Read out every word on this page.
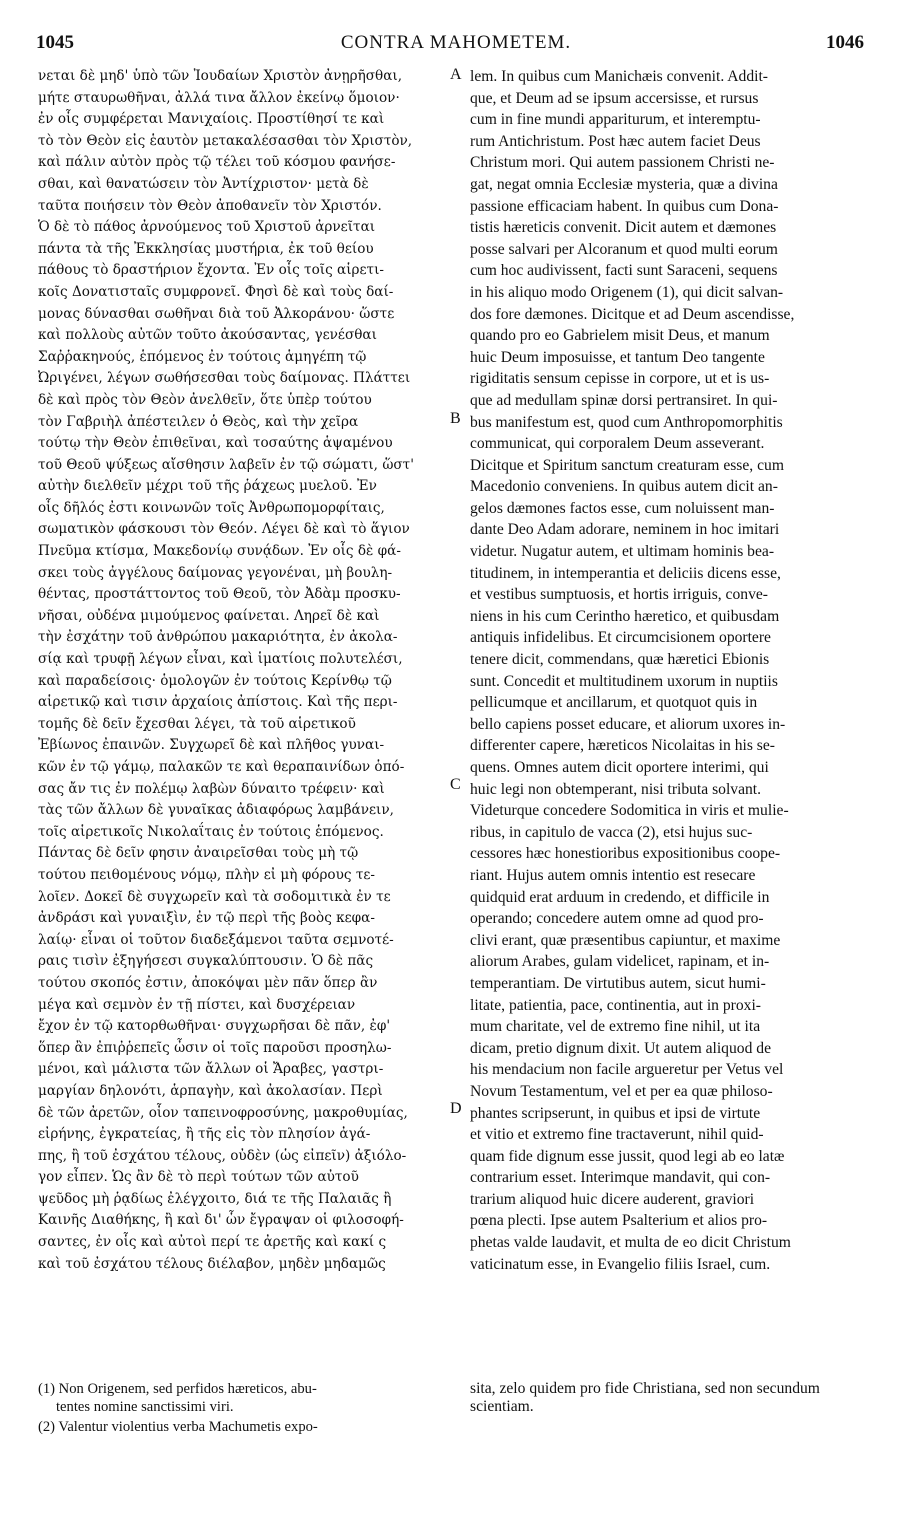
1045	CONTRA MAHOMETEM.	1046
νεται δὲ μηδ' ὑπὸ τῶν Ἰουδαίων Χριστὸν ἀνῃρῆσθαι,
μήτε σταυρωθῆναι, ἀλλά τινα ἄλλον ἐκείνῳ ὅμοιον·
ἐν οἷς συμφέρεται Μανιχαίοις. Προστίθησί τε καὶ
τὸ τὸν Θεὸν εἰς ἑαυτὸν μετακαλέσασθαι τὸν Χριστὸν,
καὶ πάλιν αὐτὸν πρὸς τῷ τέλει τοῦ κόσμου φανήσε-
σθαι, καὶ θανατώσειν τὸν Ἀντίχριστον· μετὰ δὲ
ταῦτα ποιήσειν τὸν Θεὸν ἀποθανεῖν τὸν Χριστόν.
Ὁ δὲ τὸ πάθος ἀρνούμενος τοῦ Χριστοῦ ἀρνεῖται
πάντα τὰ τῆς Ἐκκλησίας μυστήρια, ἐκ τοῦ θείου
πάθους τὸ δραστήριον ἔχοντα. Ἐν οἷς τοῖς αἱρετι-
κοῖς Δονατισταῖς συμφρονεῖ. Φησὶ δὲ καὶ τοὺς δαί-
μονας δύνασθαι σωθῆναι διὰ τοῦ Ἀλκοράνου· ὥστε
καὶ πολλοὺς αὐτῶν τοῦτο ἀκούσαντας, γενέσθαι
Σαῤῥακηνούς, ἑπόμενος ἐν τούτοις ἁμηγέπη τῷ
Ὠριγένει, λέγων σωθήσεσθαι τοὺς δαίμονας. Πλάττει
δὲ καὶ πρὸς τὸν Θεὸν ἀνελθεῖν, ὅτε ὑπὲρ τούτου
τὸν Γαβριὴλ ἀπέστειλεν ὁ Θεὸς, καὶ τὴν χεῖρα
τούτῳ τὴν Θεὸν ἐπιθεῖναι, καὶ τοσαύτης ἁψαμένου
τοῦ Θεοῦ ψύξεως αἴσθησιν λαβεῖν ἐν τῷ σώματι, ὥστ'
αὐτὴν διελθεῖν μέχρι τοῦ τῆς ῥάχεως μυελοῦ. Ἐν
οἷς δῆλός ἐστι κοινωνῶν τοῖς Ἀνθρωπομορφίταις,
σωματικὸν φάσκουσι τὸν Θεόν. Λέγει δὲ καὶ τὸ ἅγιον
Πνεῦμα κτίσμα, Μακεδονίῳ συνᾴδων. Ἐν οἷς δὲ φά-
σκει τοὺς ἀγγέλους δαίμονας γεγονέναι, μὴ βουλη-
θέντας, προστάττοντος τοῦ Θεοῦ, τὸν Ἀδὰμ προσκυ-
νῆσαι, οὐδένα μιμούμενος φαίνεται. Ληρεῖ δὲ καὶ
τὴν ἐσχάτην τοῦ ἀνθρώπου μακαριότητα, ἐν ἀκολα-
σίᾳ καὶ τρυφῇ λέγων εἶναι, καὶ ἱματίοις πολυτελέσι,
καὶ παραδείσοις· ὁμολογῶν ἐν τούτοις Κερίνθῳ τῷ
αἱρετικῷ καὶ τισιν ἀρχαίοις ἀπίστοις. Καὶ τῆς περι-
τομῆς δὲ δεῖν ἔχεσθαι λέγει, τὰ τοῦ αἱρετικοῦ
Ἐβίωνος ἐπαινῶν. Συγχωρεῖ δὲ καὶ πλῆθος γυναι-
κῶν ἐν τῷ γάμῳ, παλακῶν τε καὶ θεραπαινίδων ὁπό-
σας ἄν τις ἐν πολέμῳ λαβὼν δύναιτο τρέφειν· καὶ
τὰς τῶν ἄλλων δὲ γυναῖκας ἀδιαφόρως λαμβάνειν,
τοῖς αἱρετικοῖς Νικολαΐταις ἐν τούτοις ἑπόμενος.
Πάντας δὲ δεῖν φησιν ἀναιρεῖσθαι τοὺς μὴ τῷ
τούτου πειθομένους νόμῳ, πλὴν εἰ μὴ φόρους τε-
λοῖεν. Δοκεῖ δὲ συγχωρεῖν καὶ τὰ σοδομιτικὰ ἐν τε
ἀνδράσι καὶ γυναιξὶν, ἐν τῷ περὶ τῆς βοὸς κεφα-
λαίῳ· εἶναι οἱ τοῦτον διαδεξάμενοι ταῦτα σεμνοτέ-
ραις τισὶν ἐξηγήσεσι συγκαλύπτουσιν. Ὁ δὲ πᾶς
τούτου σκοπός ἐστιν, ἀποκόψαι μὲν πᾶν ὅπερ ἂν
μέγα καὶ σεμνὸν ἐν τῇ πίστει, καὶ δυσχέρειαν
ἔχον ἐν τῷ κατορθωθῆναι· συγχωρῆσαι δὲ πᾶν, ἐφ'
ὅπερ ἂν ἐπιῤῥεπεῖς ὦσιν οἱ τοῖς παροῦσι προσηλω-
μένοι, καὶ μάλιστα τῶν ἄλλων οἱ Ἄραβες, γαστρι-
μαργίαν δηλονότι, ἁρπαγὴν, καὶ ἀκολασίαν. Περὶ
δὲ τῶν ἀρετῶν, οἷον ταπεινοφροσύνης, μακροθυμίας,
εἰρήνης, ἐγκρατείας, ἢ τῆς εἰς τὸν πλησίον ἀγά-
πης, ἢ τοῦ ἐσχάτου τέλους, οὐδὲν (ὡς εἰπεῖν) ἀξιόλο-
γον εἶπεν. Ὡς ἂν δὲ τὸ περὶ τούτων τῶν αὐτοῦ
ψεῦδος μὴ ῥᾳδίως ἐλέγχοιτο, διά τε τῆς Παλαιᾶς ἢ
Καινῆς Διαθήκης, ἢ καὶ δι' ὧν ἔγραψαν οἱ φιλοσοφή-
σαντες, ἐν οἷς καὶ αὐτοὶ περί τε ἀρετῆς καὶ κακί ς
καὶ τοῦ ἐσχάτου τέλους διέλαβον, μηδὲν μηδαμῶς
lem. In quibus cum Manichæis convenit. Addit-
que, et Deum ad se ipsum accersisse, et rursus
cum in fine mundi appariturum, et interemptu-
rum Antichristum. Post hæc autem faciet Deus
Christum mori. Qui autem passionem Christi ne-
gat, negat omnia Ecclesiæ mysteria, quæ a divina
passione efficaciam habent. In quibus cum Dona-
tistis hæreticis convenit. Dicit autem et dæmones
posse salvari per Alcoranum et quod multi eorum
cum hoc audivissent, facti sunt Saraceni, sequens
in his aliquo modo Origenem (1), qui dicit salvan-
dos fore dæmones. Dicitque et ad Deum ascendisse,
quando pro eo Gabrielem misit Deus, et manum
huic Deum imposuisse, et tantum Deo tangente
rigiditatis sensum cepisse in corpore, ut et is us-
que ad medullam spinæ dorsi pertransiret. In qui-
bus manifestum est, quod cum Anthropomorphitis
communicat, qui corporalem Deum asseverant.
Dicitque et Spiritum sanctum creaturam esse, cum
Macedonio conveniens. In quibus autem dicit an-
gelos dæmones factos esse, cum noluissent man-
dante Deo Adam adorare, neminem in hoc imitari
videtur. Nugatur autem, et ultimam hominis bea-
titudinem, in intemperantia et deliciis dicens esse,
et vestibus sumptuosis, et hortis irriguis, conve-
niens in his cum Cerintho hæretico, et quibusdam
antiquis infidelibus. Et circumcisionem oportere
tenere dicit, commendans, quæ hæretici Ebionis
sunt. Concedit et multitudinem uxorum in nuptiis
pellicumque et ancillarum, et quotquot quis in
bello capiens posset educare, et aliorum uxores in-
differenter capere, hæreticos Nicolaitas in his se-
quens. Omnes autem dicit oportere interimi, qui
huic legi non obtemperant, nisi tributa solvant.
Videturque concedere Sodomitica in viris et mulie-
ribus, in capitulo de vacca (2), etsi hujus suc-
cessores hæc honestioribus expositionibus coope-
riant. Hujus autem omnis intentio est resecare
quidquid erat arduum in credendo, et difficile in
operando; concedere autem omne ad quod pro-
clivi erant, quæ præsentibus capiuntur, et maxime
aliorum Arabes, gulam videlicet, rapinam, et in-
temperantiam. De virtutibus autem, sicut humi-
litate, patientia, pace, continentia, aut in proxi-
mum charitate, vel de extremo fine nihil, ut ita
dicam, pretio dignum dixit. Ut autem aliquod de
his mendacium non facile argueretur per Vetus vel
Novum Testamentum, vel et per ea quæ philoso-
phantes scripserunt, in quibus et ipsi de virtute
et vitio et extremo fine tractaverunt, nihil quid-
quam fide dignum esse jussit, quod legi ab eo latæ
contrarium esset. Interimque mandavit, qui con-
trarium aliquod huic dicere auderent, graviori
pœna plecti. Ipse autem Psalterium et alios pro-
phetas valde laudavit, et multa de eo dicit Christum
vaticinatum esse, in Evangelio filiis Israel, cum.
A
B
C
D
(1) Non Origenem, sed perfidos hæreticos, abu-
tentes nomine sanctissimi viri.
(2) Valentur violentius verba Machumetis expo-
sita, zelo quidem pro fide Christiana, sed non secundum scientiam.
